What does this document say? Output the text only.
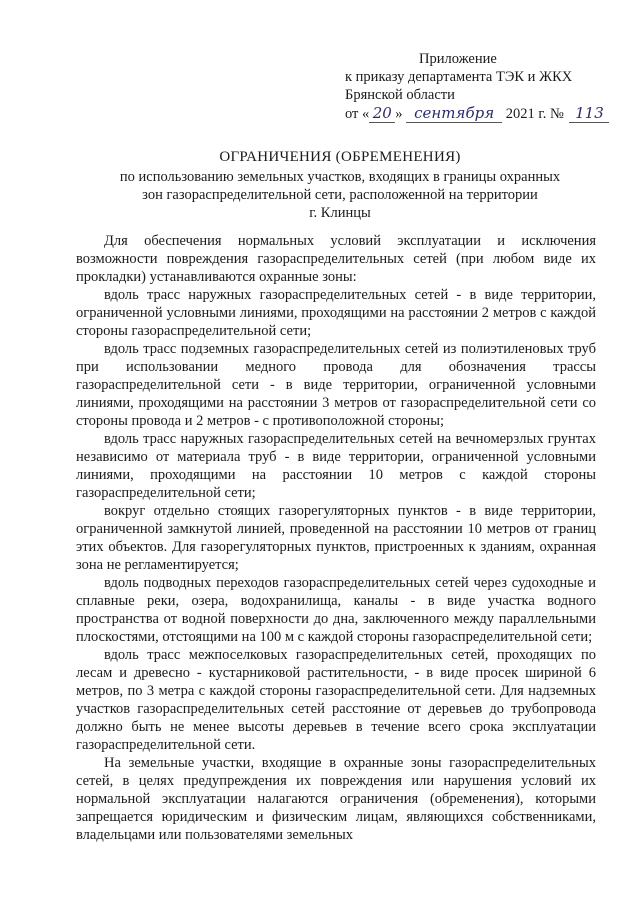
Приложение
к приказу департамента ТЭК и ЖКХ
Брянской области
от « 20 » сентября 2021 г. № 113
ОГРАНИЧЕНИЯ (ОБРЕМЕНЕНИЯ)
по использованию земельных участков, входящих в границы охранных
зон газораспределительной сети, расположенной на территории
г. Клинцы

Для обеспечения нормальных условий эксплуатации и исключения возможности повреждения газораспределительных сетей (при любом виде их прокладки) устанавливаются охранные зоны:

вдоль трасс наружных газораспределительных сетей - в виде территории, ограниченной условными линиями, проходящими на расстоянии 2 метров с каждой стороны газораспределительной сети;

вдоль трасс подземных газораспределительных сетей из полиэтиленовых труб при использовании медного провода для обозначения трассы газораспределительной сети - в виде территории, ограниченной условными линиями, проходящими на расстоянии 3 метров от газораспределительной сети со стороны провода и 2 метров - с противоположной стороны;

вдоль трасс наружных газораспределительных сетей на вечномерзлых грунтах независимо от материала труб - в виде территории, ограниченной условными линиями, проходящими на расстоянии 10 метров с каждой стороны газораспределительной сети;

вокруг отдельно стоящих газорегуляторных пунктов - в виде территории, ограниченной замкнутой линией, проведенной на расстоянии 10 метров от границ этих объектов. Для газорегуляторных пунктов, пристроенных к зданиям, охранная зона не регламентируется;

вдоль подводных переходов газораспределительных сетей через судоходные и сплавные реки, озера, водохранилища, каналы - в виде участка водного пространства от водной поверхности до дна, заключенного между параллельными плоскостями, отстоящими на 100 м с каждой стороны газораспределительной сети;

вдоль трасс межпоселковых газораспределительных сетей, проходящих по лесам и древесно - кустарниковой растительности, - в виде просек шириной 6 метров, по 3 метра с каждой стороны газораспределительной сети. Для надземных участков газораспределительных сетей расстояние от деревьев до трубопровода должно быть не менее высоты деревьев в течение всего срока эксплуатации газораспределительной сети.

На земельные участки, входящие в охранные зоны газораспределительных сетей, в целях предупреждения их повреждения или нарушения условий их нормальной эксплуатации налагаются ограничения (обременения), которыми запрещается юридическим и физическим лицам, являющихся собственниками, владельцами или пользователями земельных
